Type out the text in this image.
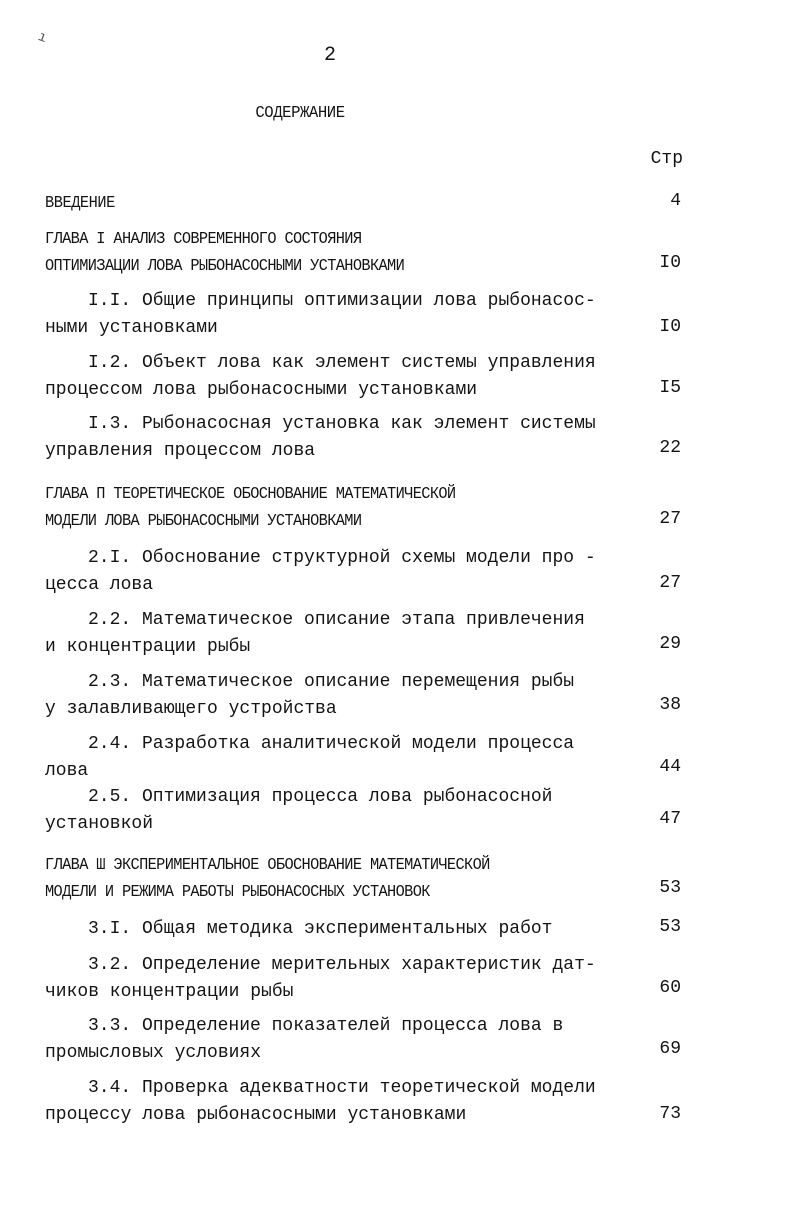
2
СОДЕРЖАНИЕ
Стр
ВВЕДЕНИЕ	4
ГЛАВА I АНАЛИЗ СОВРЕМЕННОГО СОСТОЯНИЯ
ОПТИМИЗАЦИИ ЛОВА РЫБОНАСОСНЫМИ УСТАНОВКАМИ	I0
I.I. Общие принципы оптимизации лова рыбонасос-
ными установками	I0
I.2. Объект лова как элемент системы управления
процессом лова рыбонасосными установками	I5
I.3. Рыбонасосная установка как элемент системы
управления процессом лова	22
ГЛАВА П ТЕОРЕТИЧЕСКОЕ ОБОСНОВАНИЕ МАТЕМАТИЧЕСКОЙ
МОДЕЛИ ЛОВА РЫБОНАСОСНЫМИ УСТАНОВКАМИ	27
2.I. Обоснование структурной схемы модели про -
цесса лова	27
2.2. Математическое описание этапа привлечения
и концентрации рыбы	29
2.3. Математическое описание перемещения рыбы
у залавливающего устройства	38
2.4. Разработка аналитической модели процесса
лова	44
2.5. Оптимизация процесса лова рыбонасосной
установкой	47
ГЛАВА Ш ЭКСПЕРИМЕНТАЛЬНОЕ ОБОСНОВАНИЕ МАТЕМАТИЧЕСКОЙ
МОДЕЛИ И РЕЖИМА РАБОТЫ РЫБОНАСОСНЫХ УСТАНОВОК	53
3.I. Общая методика экспериментальных работ	53
3.2. Определение мерительных характеристик дат-
чиков концентрации рыбы	60
3.3. Определение показателей процесса лова в
промысловых условиях	69
3.4. Проверка адекватности теоретической модели
процессу лова рыбонасосными установками	73
ı
